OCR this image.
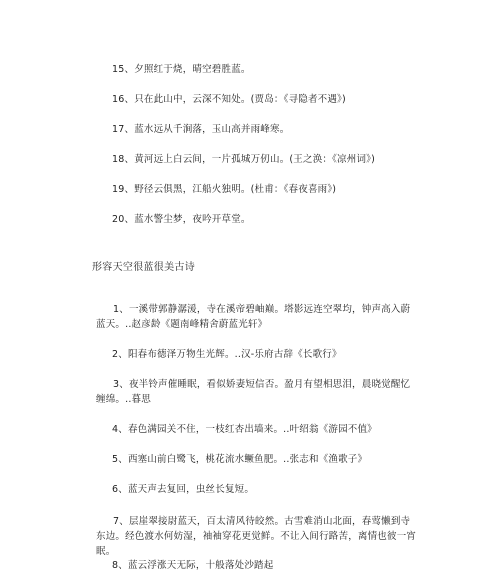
15、夕照红于烧，晴空碧胜蓝。
16、只在此山中，云深不知处。(贾岛：《寻隐者不遇》)
17、蓝水远从千涧落，玉山高并雨峰寒。
18、黄河远上白云间，一片孤城万仞山。(王之涣：《凉州词》)
19、野径云俱黑，江船火独明。(杜甫：《春夜喜雨》)
20、蓝水警尘梦，夜吟开草堂。
形容天空很蓝很美古诗
1、一溪带郭静潺湲，寺在溪帝碧岫巅。塔影远连空翠均，钟声高入蔚蓝天。..赵彦龄《题南峰精舍蔚蓝光轩》
2、阳春布德泽万物生光辉。..汉-乐府古辞《长歌行》
3、夜半铃声催睡眠，看似娇妻短信否。盈月有望相思泪，晨晓觉醒忆缠绵。..暮思
4、春色满园关不住，一枝红杏出墙来。..叶绍翁《游园不值》
5、西塞山前白鹭飞，桃花流水鳜鱼肥。..张志和《渔歌子》
6、蓝天声去复回，虫丝长复短。
7、层崖翠接尉蓝天，百太清风待皎然。古雪难消山北面，春莺懒到寺东边。经色渡水何妨湿，袖袖穿花更觉鲜。不让入间行路苦，离情也彼一宵眠。
8、蓝云浮涨天无际，十般落处沙踏起
